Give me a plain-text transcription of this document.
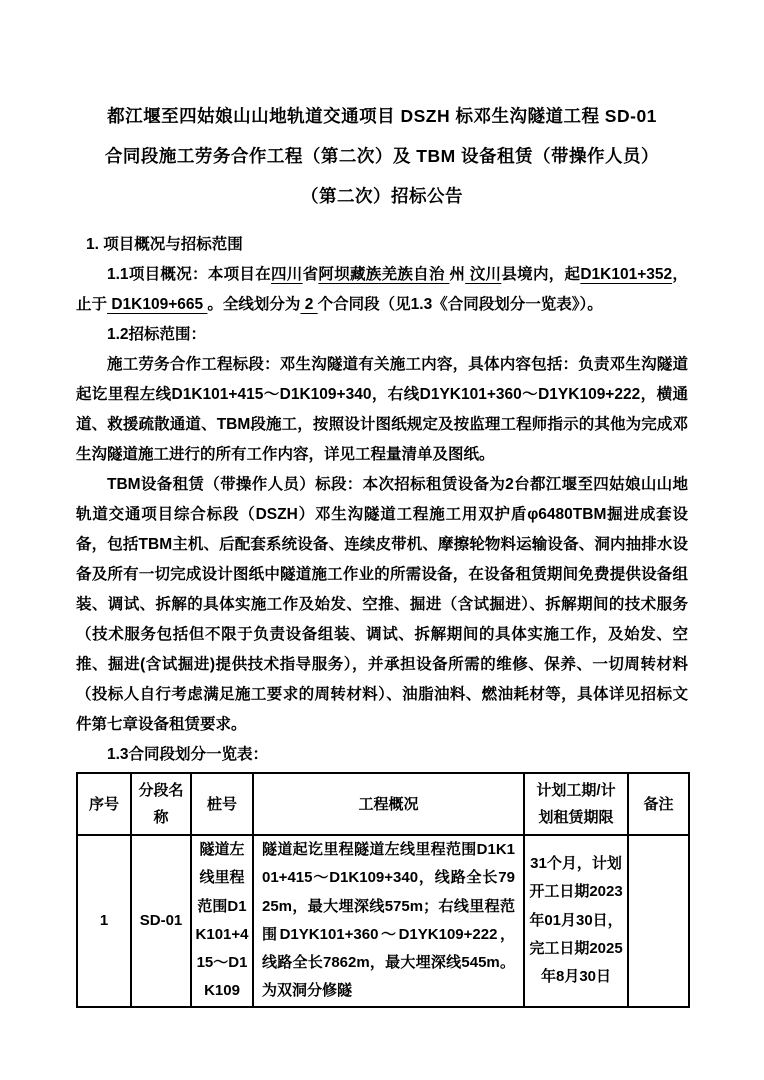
都江堰至四姑娘山山地轨道交通项目 DSZH 标邓生沟隧道工程 SD-01
合同段施工劳务合作工程（第二次）及 TBM 设备租赁（带操作人员）
（第二次）招标公告
1. 项目概况与招标范围

1.1项目概况：本项目在四川省阿坝藏族羌族自治 州 汶川县境内，起D1K101+352，止于 D1K109+665 。全线划分为 2 个合同段（见1.3《合同段划分一览表》）。

1.2招标范围：

施工劳务合作工程标段：邓生沟隧道有关施工内容，具体内容包括：负责邓生沟隧道起讫里程左线D1K101+415～D1K109+340，右线D1YK101+360～D1YK109+222，横通道、救援疏散通道、TBM段施工，按照设计图纸规定及按监理工程师指示的其他为完成邓生沟隧道施工进行的所有工作内容，详见工程量清单及图纸。

TBM设备租赁（带操作人员）标段：本次招标租赁设备为2台都江堰至四姑娘山山地轨道交通项目综合标段（DSZH）邓生沟隧道工程施工用双护盾φ6480TBM掘进成套设备，包括TBM主机、后配套系统设备、连续皮带机、摩擦轮物料运输设备、洞内抽排水设备及所有一切完成设计图纸中隧道施工作业的所需设备，在设备租赁期间免费提供设备组装、调试、拆解的具体实施工作及始发、空推、掘进（含试掘进）、拆解期间的技术服务（技术服务包括但不限于负责设备组装、调试、拆解期间的具体实施工作，及始发、空推、掘进(含试掘进)提供技术指导服务），并承担设备所需的维修、保养、一切周转材料（投标人自行考虑满足施工要求的周转材料）、油脂油料、燃油耗材等，具体详见招标文件第七章设备租赁要求。

1.3合同段划分一览表：

序号	分段名称	桩号	工程概况	计划工期/计划租赁期限	备注

1	SD-01	隧道左线里程范围D1K101+415～D1K109	隧道起讫里程隧道左线里程范围D1K101+415～D1K109+340，线路全长7925m，最大埋深线575m；右线里程范围D1YK101+360～D1YK109+222，线路全长7862m，最大埋深线545m。为双洞分修隧	31个月，计划开工日期2023年01月30日，完工日期2025年8月30日	
